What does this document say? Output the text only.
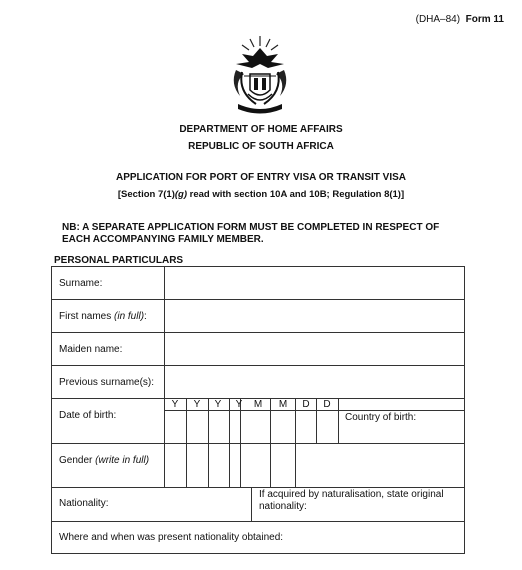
(DHA–84) Form 11
DEPARTMENT OF HOME AFFAIRS
REPUBLIC OF SOUTH AFRICA
APPLICATION FOR PORT OF ENTRY VISA OR TRANSIT VISA
[Section 7(1)(g) read with section 10A and 10B; Regulation 8(1)]
NB: A SEPARATE APPLICATION FORM MUST BE COMPLETED IN RESPECT OF
EACH ACCOMPANYING FAMILY MEMBER.
PERSONAL PARTICULARS
Y Y Y Y M M D D
Surname:
First names (in full):
Maiden name:
Previous surname(s):
Date of birth:	Country of birth:
Gender (write in full)
Nationality:
If acquired by naturalisation, state original
nationality:
Where and when was present nationality obtained:
